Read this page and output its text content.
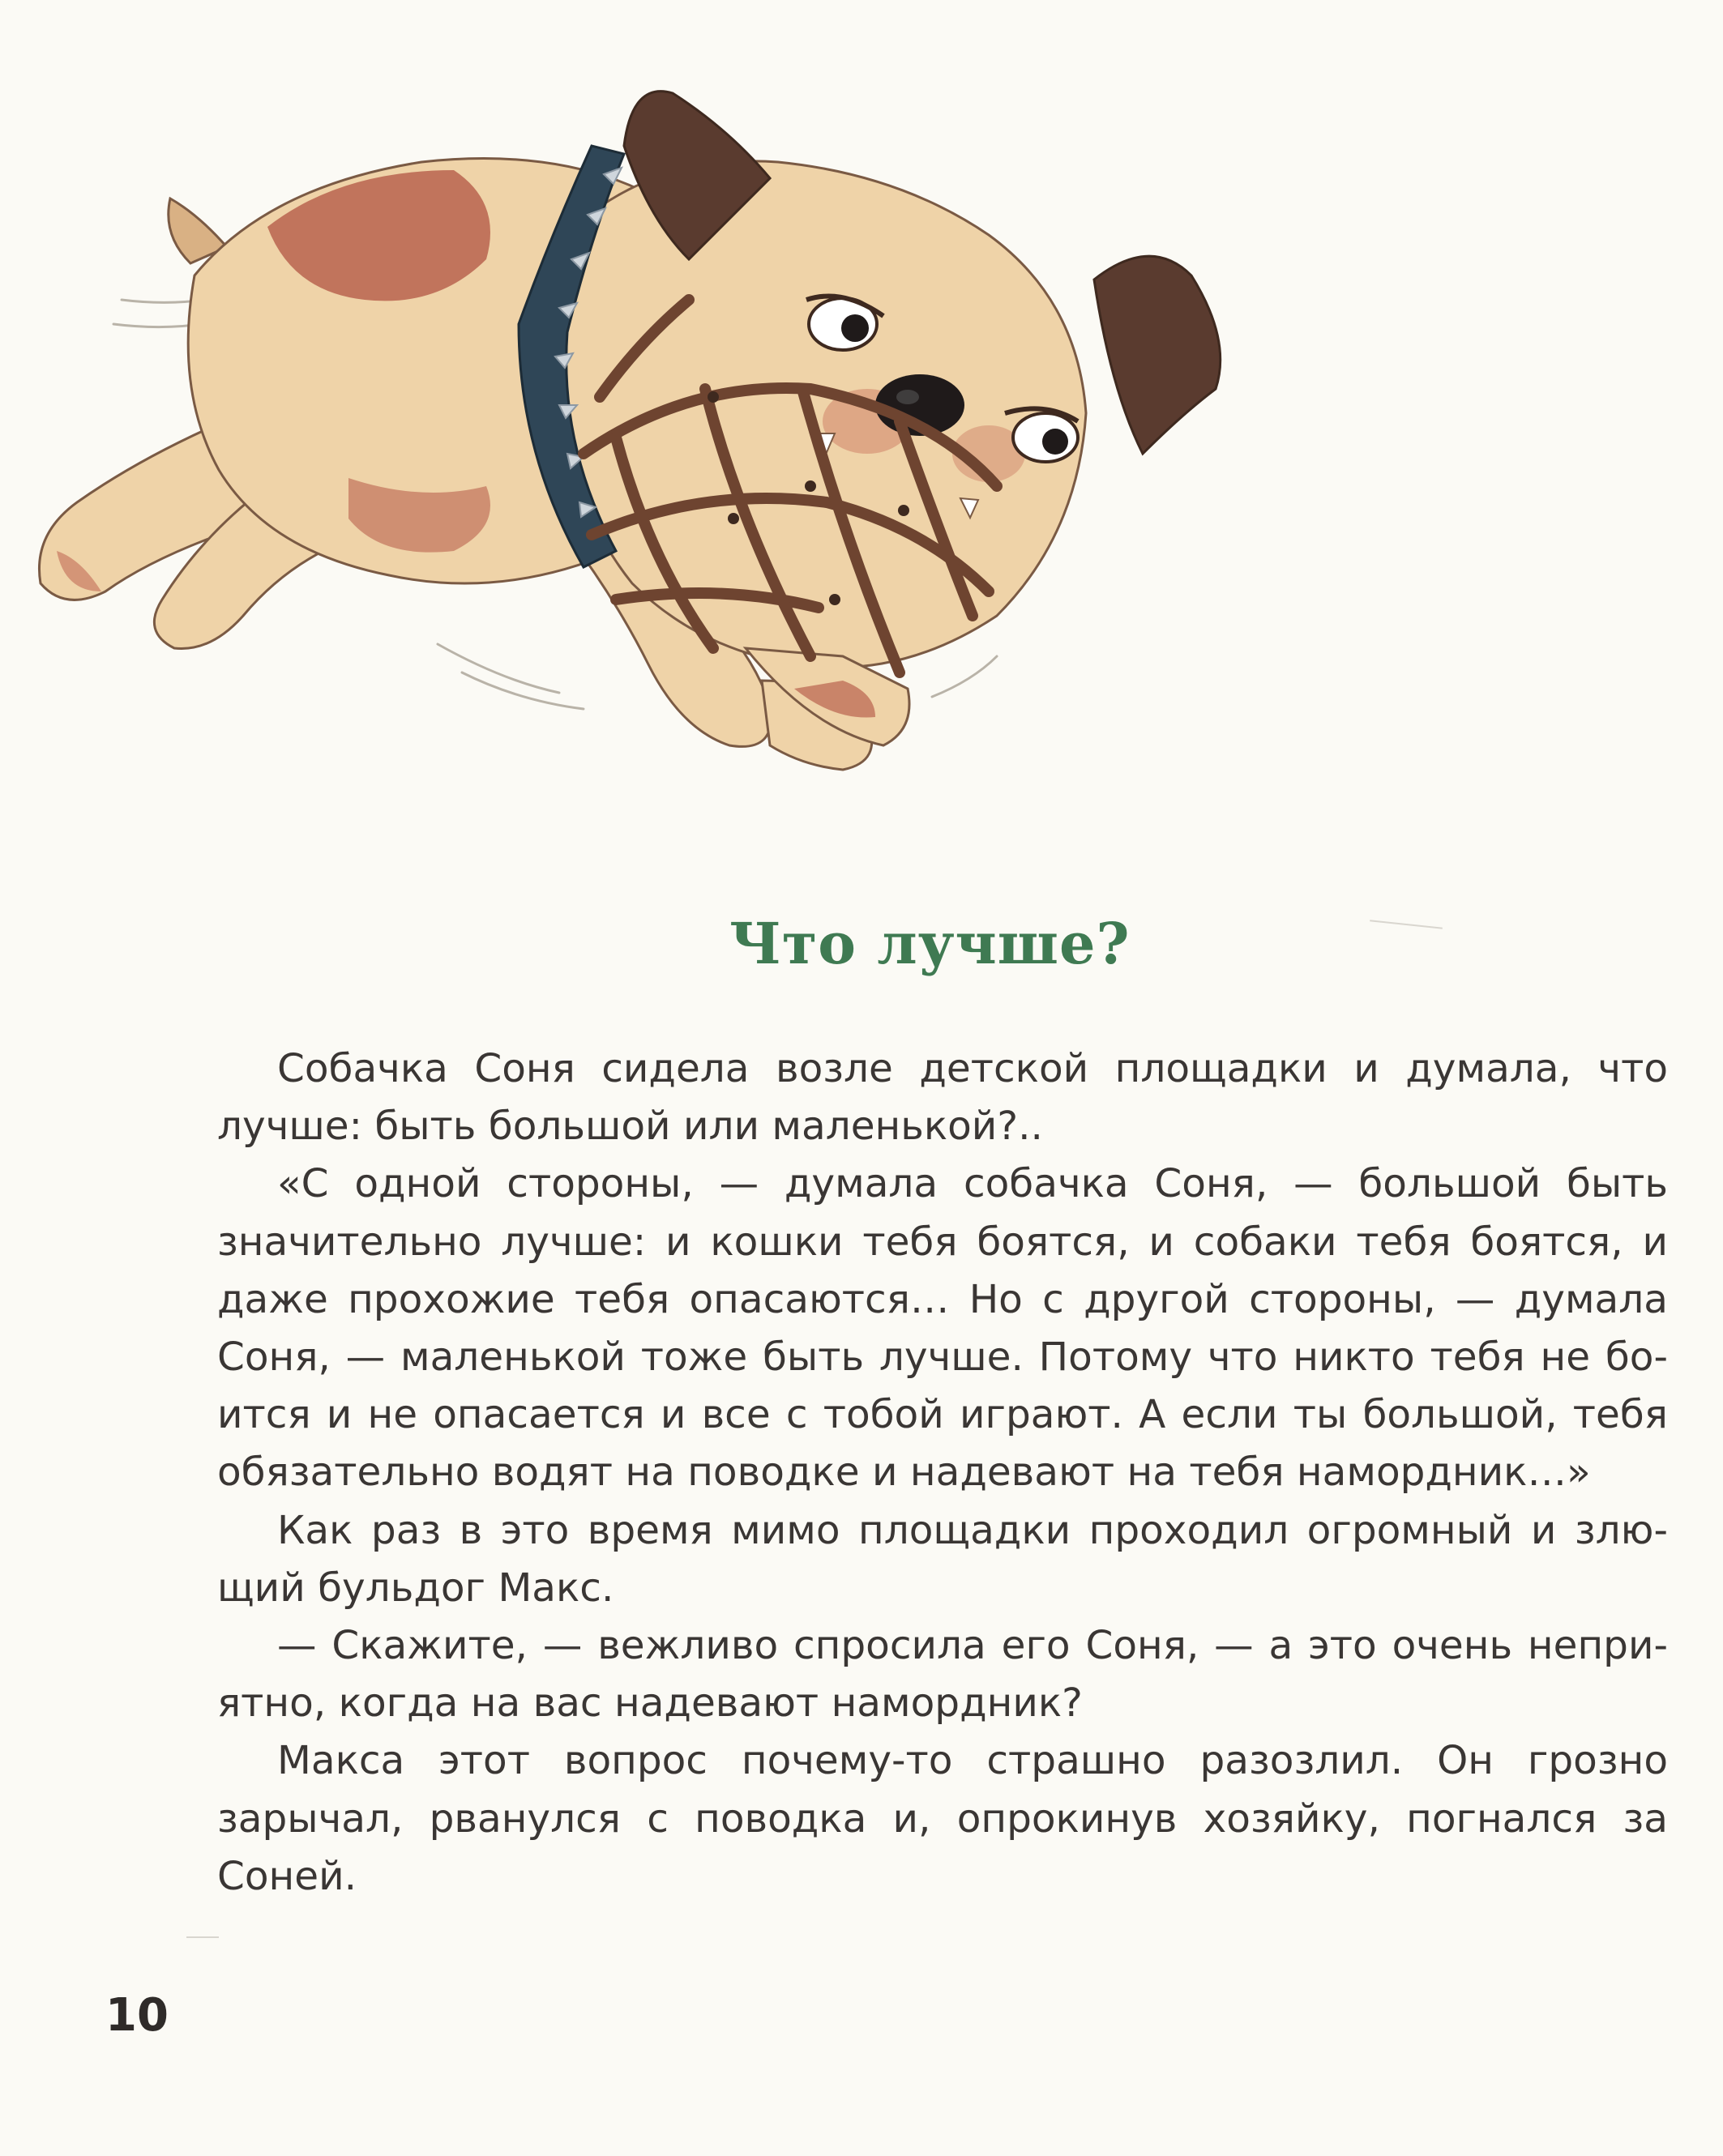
Что лучше?

Собачка Соня сидела возле детской площадки и думала, что лучше: быть большой или маленькой?..

«С одной стороны, — думала собачка Соня, — большой быть значительно лучше: и кошки тебя боятся, и собаки тебя боятся, и даже прохожие тебя опасаются… Но с другой стороны, — думала Соня, — маленькой тоже быть лучше. Потому что никто тебя не боится и не опасается и все с тобой играют. А если ты большой, тебя обязательно водят на поводке и надевают на тебя намордник…»

Как раз в это время мимо площадки проходил огромный и злющий бульдог Макс.

— Скажите, — вежливо спросила его Соня, — а это очень неприятно, когда на вас надевают намордник?

Макса этот вопрос почему-то страшно разозлил. Он грозно зарычал, рванулся с поводка и, опрокинув хозяйку, погнался за Соней.

10
